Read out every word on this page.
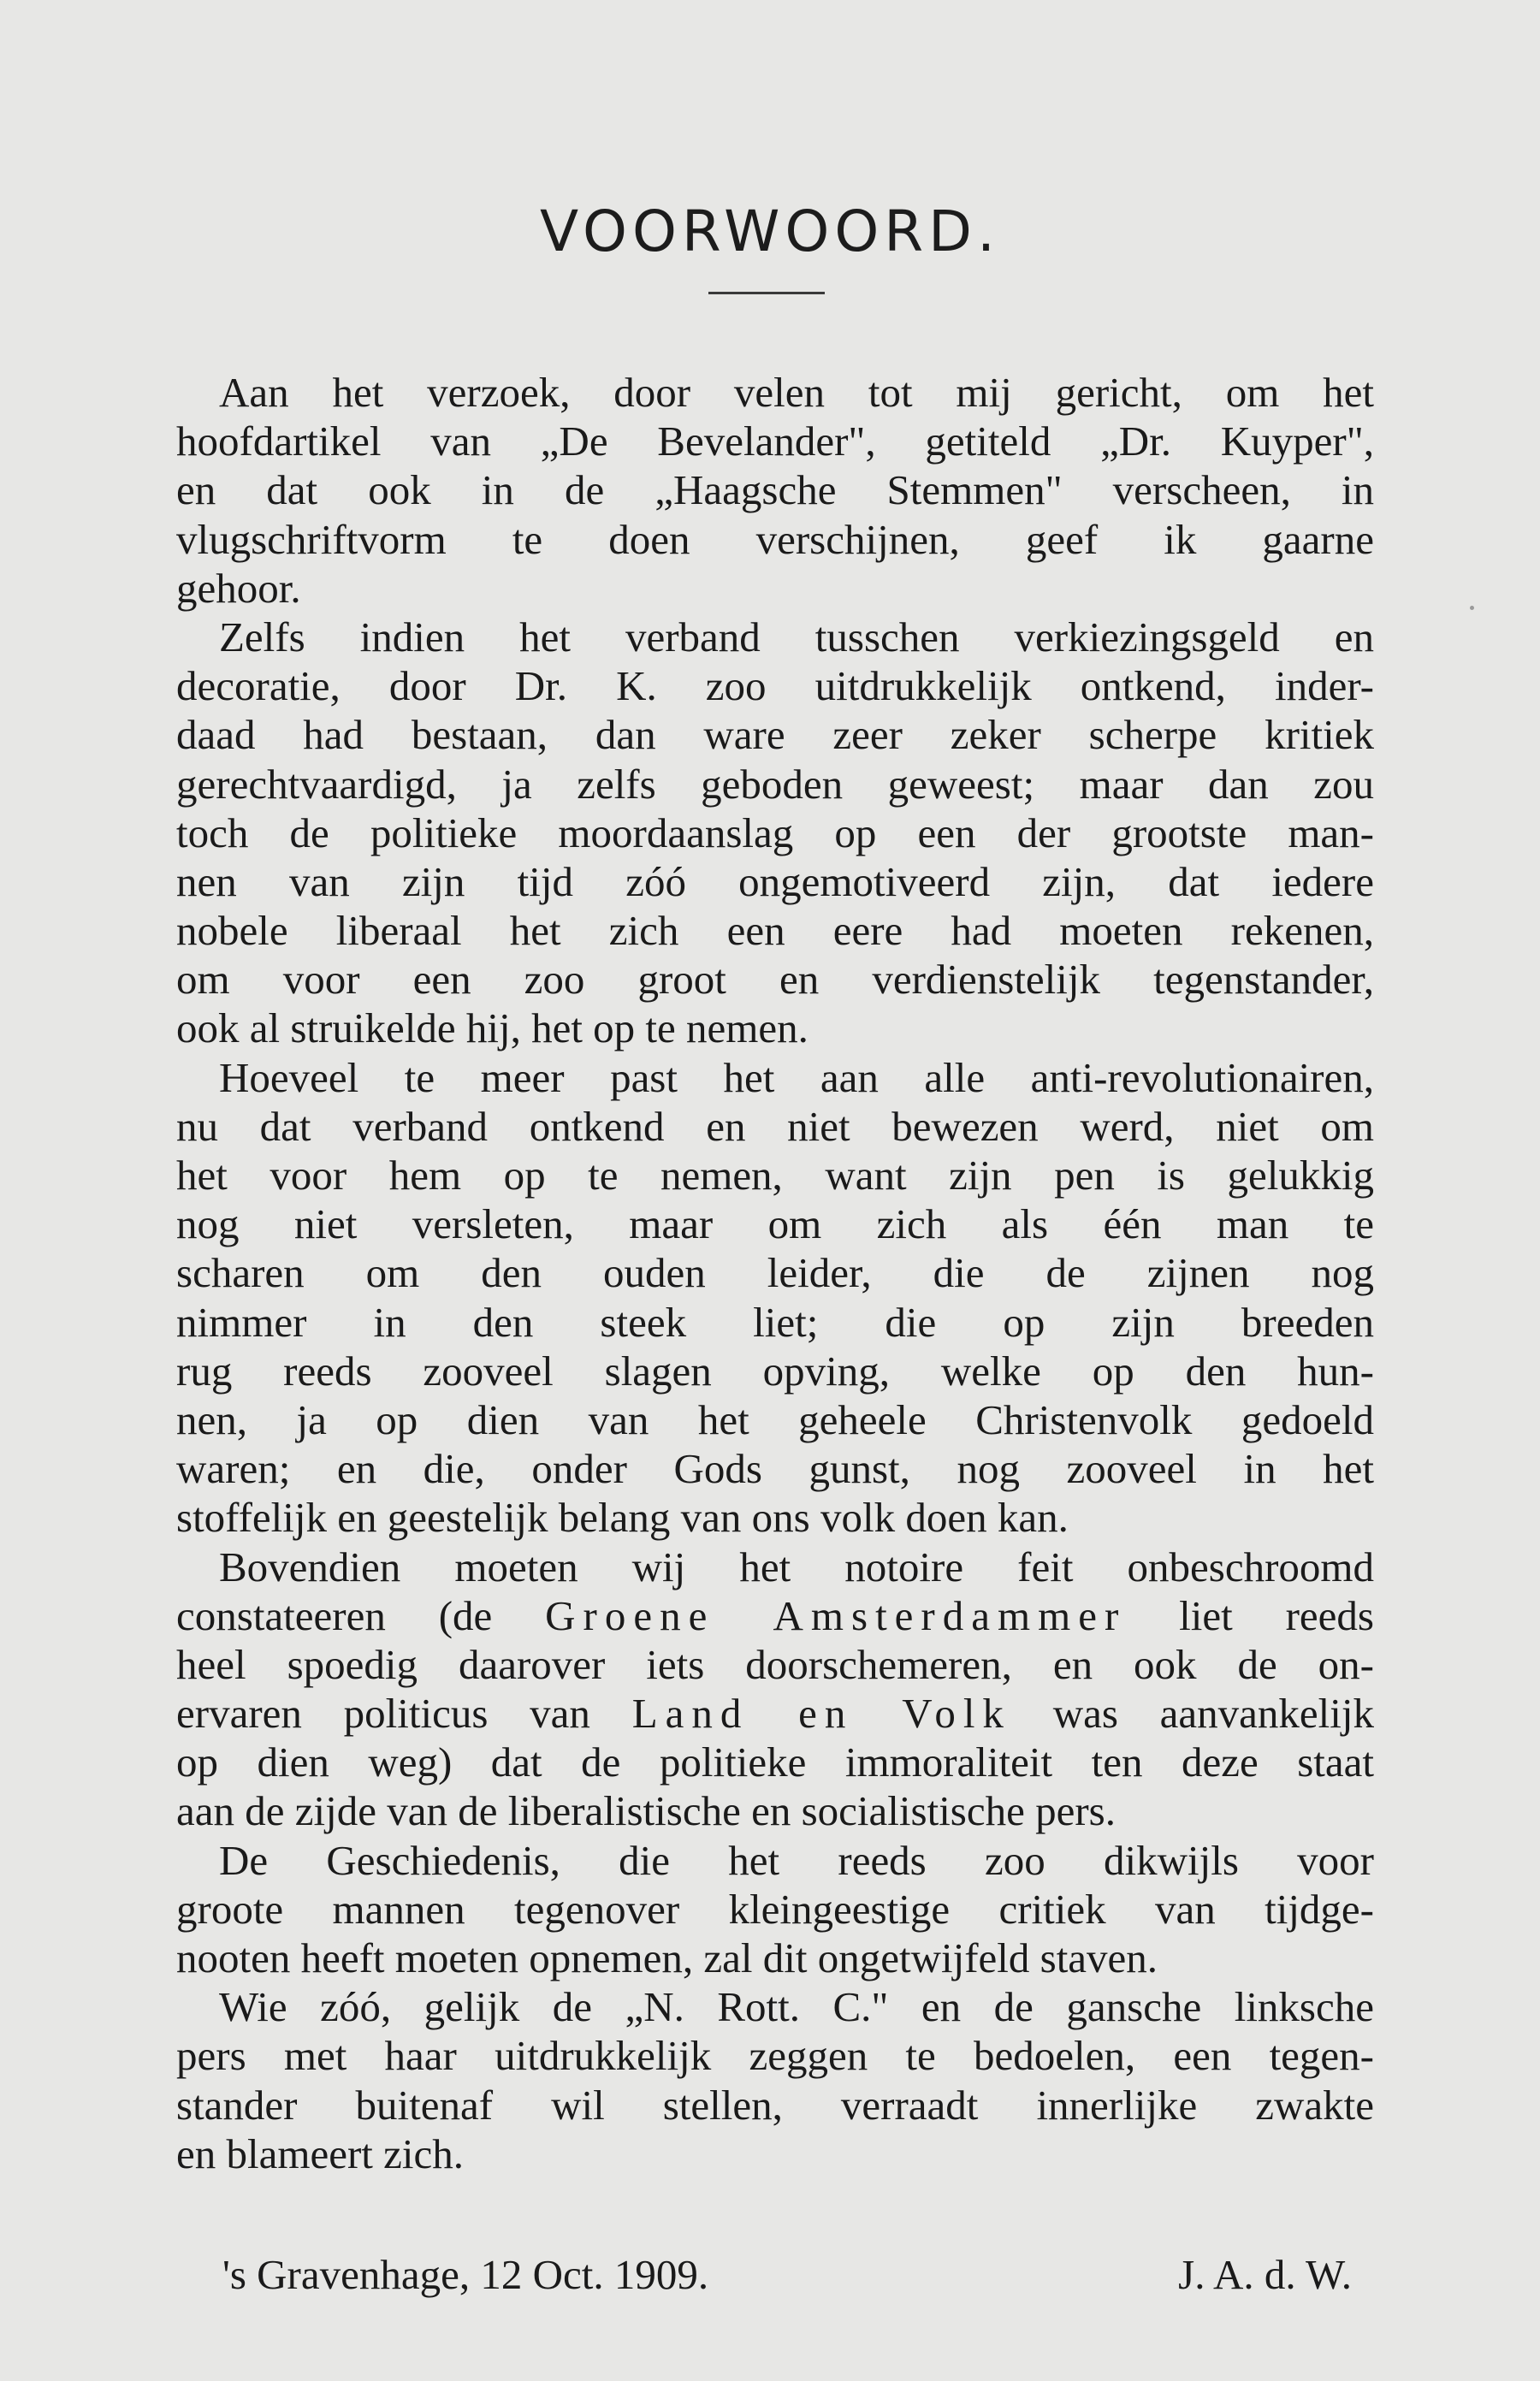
VOORWOORD.
Aan het verzoek, door velen tot mij gericht, om het
hoofdartikel van „De Bevelander", getiteld „Dr. Kuyper",
en dat ook in de „Haagsche Stemmen" verscheen, in
vlugschriftvorm te doen verschijnen, geef ik gaarne
gehoor.
Zelfs indien het verband tusschen verkiezingsgeld en
decoratie, door Dr. K. zoo uitdrukkelijk ontkend, inder-
daad had bestaan, dan ware zeer zeker scherpe kritiek
gerechtvaardigd, ja zelfs geboden geweest; maar dan zou
toch de politieke moordaanslag op een der grootste man-
nen van zijn tijd zóó ongemotiveerd zijn, dat iedere
nobele liberaal het zich een eere had moeten rekenen,
om voor een zoo groot en verdienstelijk tegenstander,
ook al struikelde hij, het op te nemen.
Hoeveel te meer past het aan alle anti-revolutionairen,
nu dat verband ontkend en niet bewezen werd, niet om
het voor hem op te nemen, want zijn pen is gelukkig
nog niet versleten, maar om zich als één man te
scharen om den ouden leider, die de zijnen nog
nimmer in den steek liet; die op zijn breeden
rug reeds zooveel slagen opving, welke op den hun-
nen, ja op dien van het geheele Christenvolk gedoeld
waren; en die, onder Gods gunst, nog zooveel in het
stoffelijk en geestelijk belang van ons volk doen kan.
Bovendien moeten wij het notoire feit onbeschroomd
constateeren (de Groene Amsterdammer liet reeds
heel spoedig daarover iets doorschemeren, en ook de on-
ervaren politicus van Land en Volk was aanvankelijk
op dien weg) dat de politieke immoraliteit ten deze staat
aan de zijde van de liberalistische en socialistische pers.
De Geschiedenis, die het reeds zoo dikwijls voor
groote mannen tegenover kleingeestige critiek van tijdge-
nooten heeft moeten opnemen, zal dit ongetwijfeld staven.
Wie zóó, gelijk de „N. Rott. C." en de gansche linksche
pers met haar uitdrukkelijk zeggen te bedoelen, een tegen-
stander buitenaf wil stellen, verraadt innerlijke zwakte
en blameert zich.
's Gravenhage, 12 Oct. 1909.	J. A. d. W.
